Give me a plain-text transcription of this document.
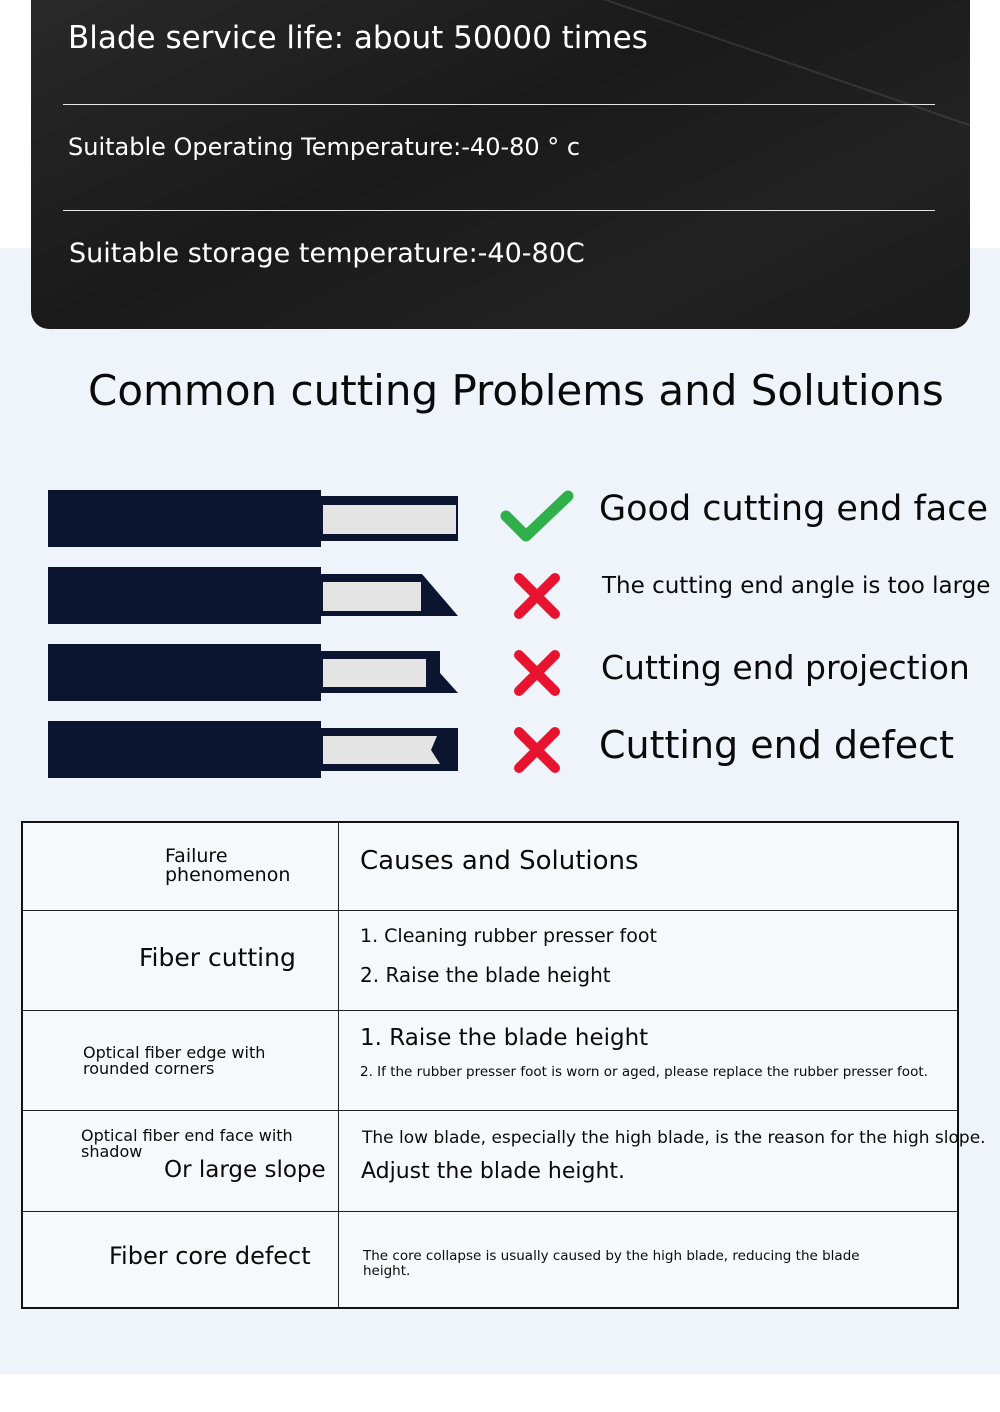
Blade service life: about 50000 times
Suitable Operating Temperature:-40-80 ° c
Suitable storage temperature:-40-80C
Common cutting Problems and Solutions
Good cutting end face
The cutting end angle is too large
Cutting end projection
Cutting end defect
Failure
phenomenon	Causes and Solutions
Fiber cutting
1. Cleaning rubber presser foot
2. Raise the blade height
Optical fiber edge with
rounded corners
1. Raise the blade height
2. If the rubber presser foot is worn or aged, please replace the rubber presser foot.
Optical fiber end face with
shadow
Or large slope
The low blade, especially the high blade, is the reason for the high slope.
Adjust the blade height.
Fiber core defect	The core collapse is usually caused by the high blade, reducing the blade
height.
